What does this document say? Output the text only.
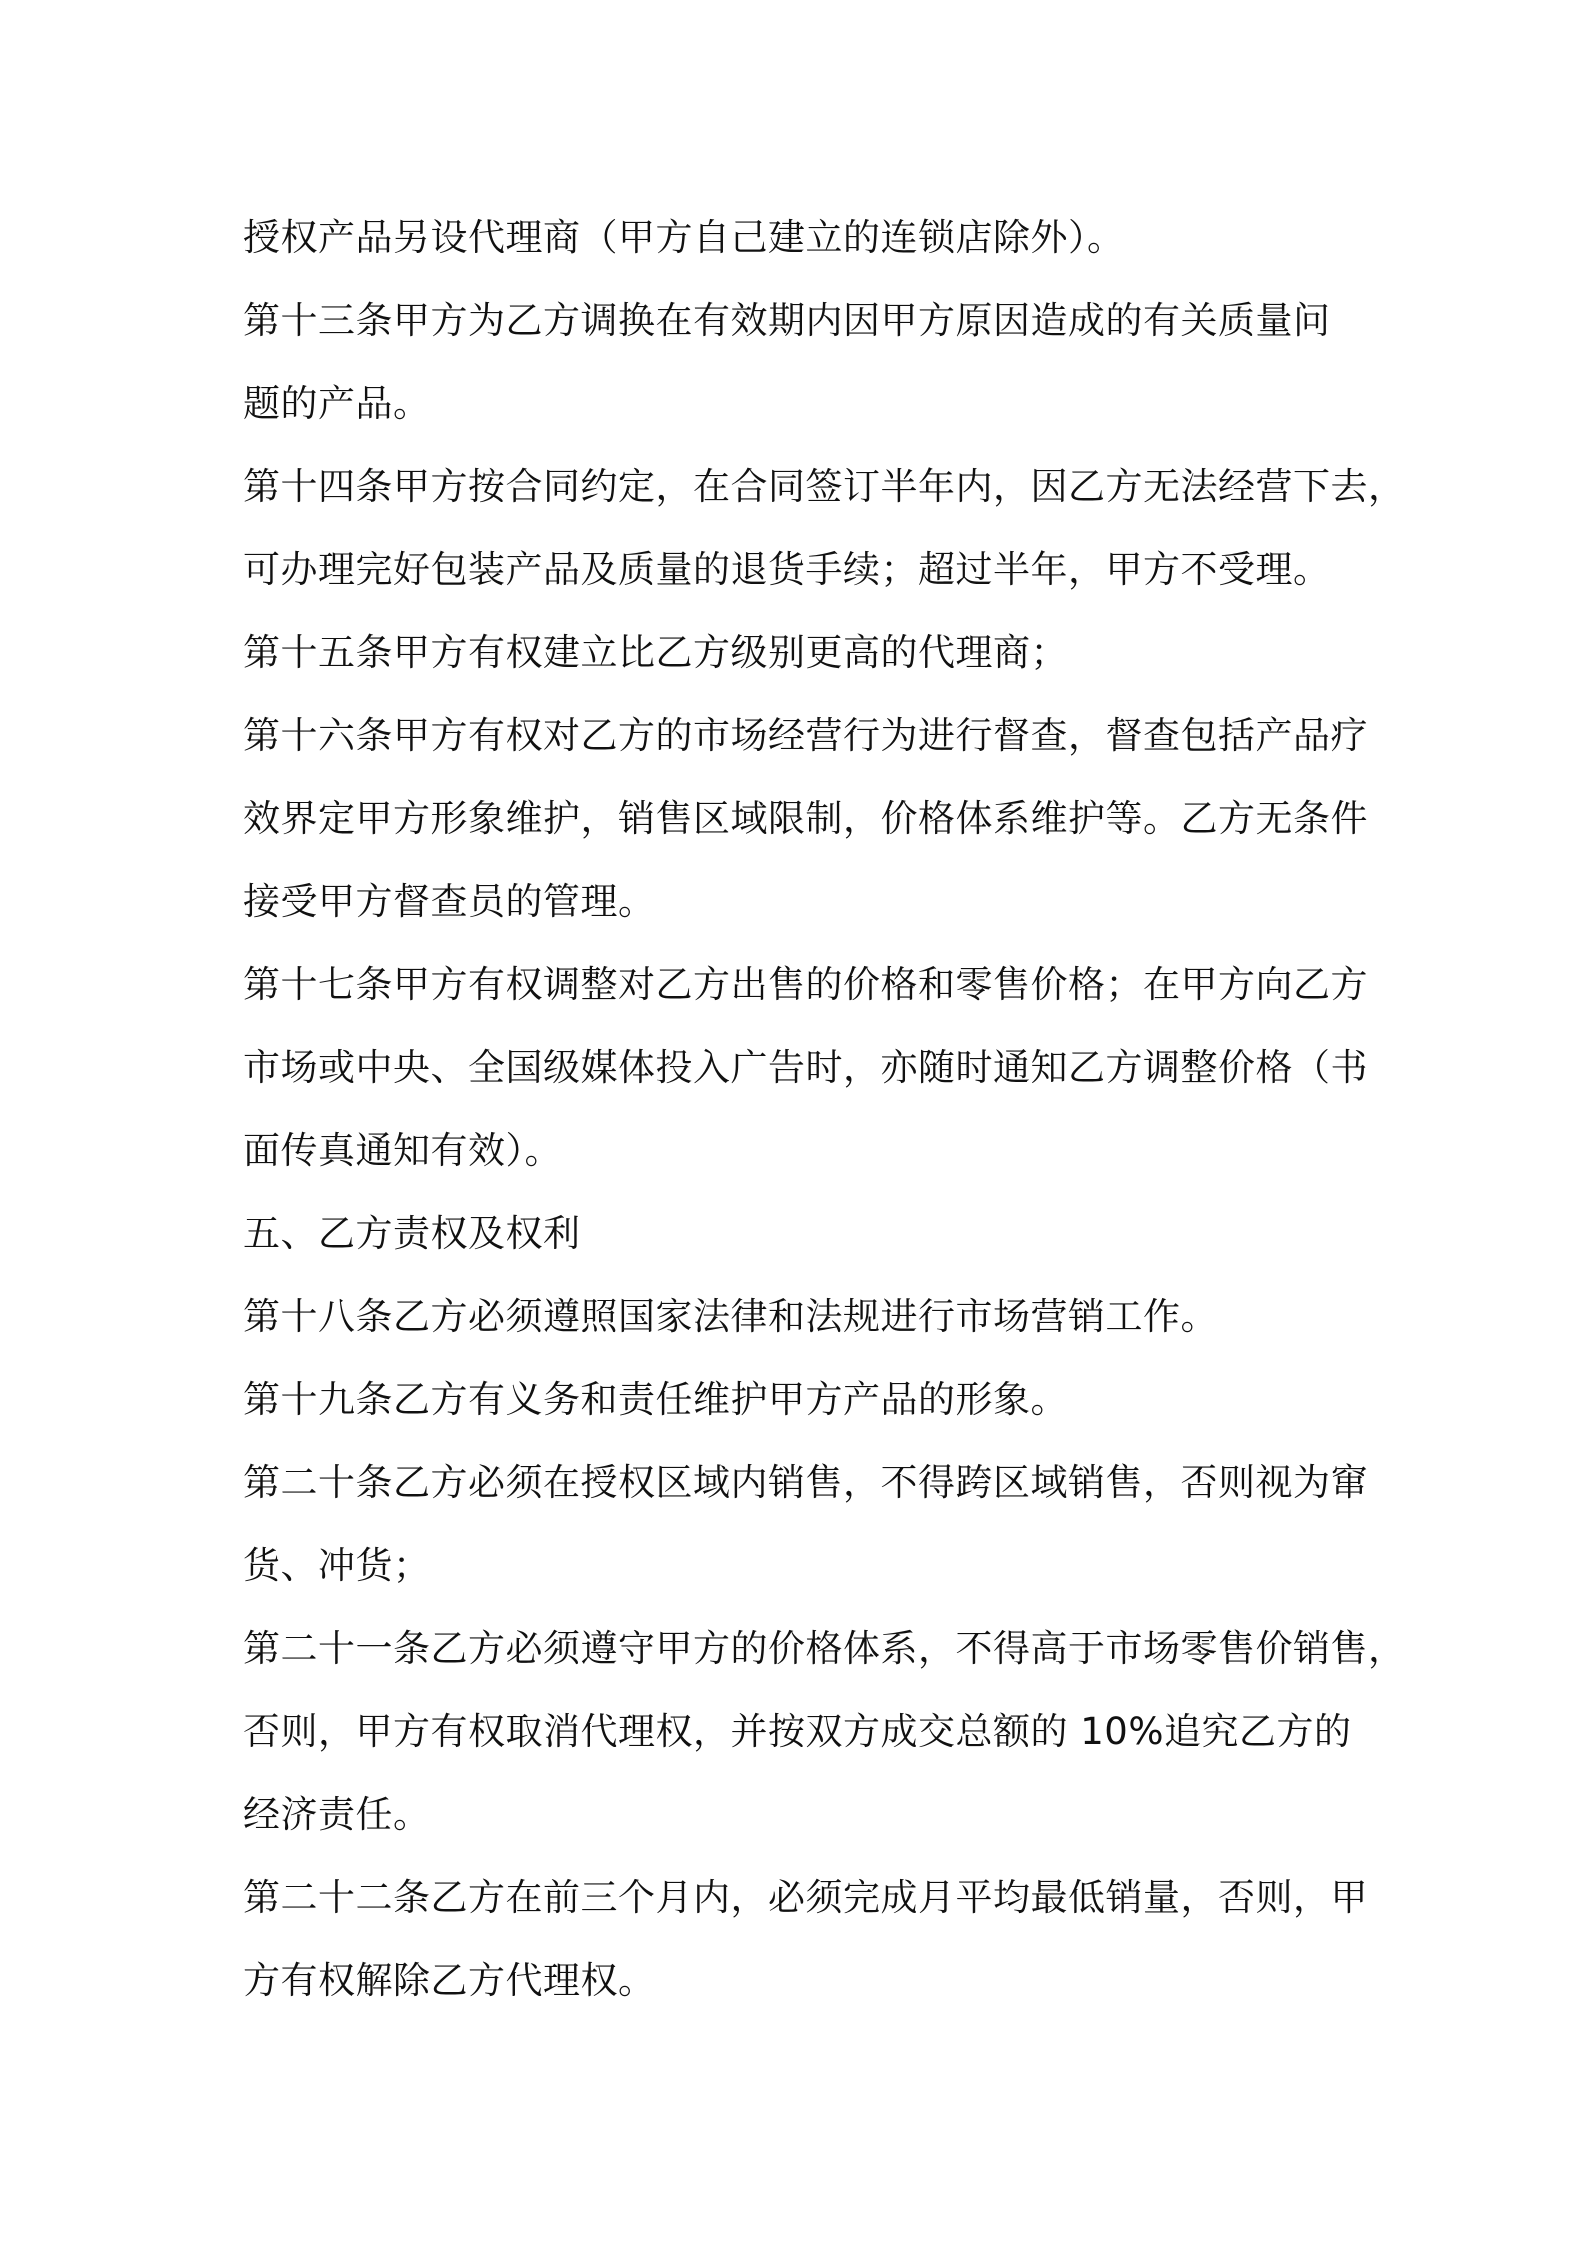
授权产品另设代理商（甲方自己建立的连锁店除外）。
第十三条甲方为乙方调换在有效期内因甲方原因造成的有关质量问
题的产品。
第十四条甲方按合同约定，在合同签订半年内，因乙方无法经营下去，
可办理完好包装产品及质量的退货手续；超过半年，甲方不受理。
第十五条甲方有权建立比乙方级别更高的代理商；
第十六条甲方有权对乙方的市场经营行为进行督查，督查包括产品疗
效界定甲方形象维护，销售区域限制，价格体系维护等。乙方无条件
接受甲方督查员的管理。
第十七条甲方有权调整对乙方出售的价格和零售价格；在甲方向乙方
市场或中央、全国级媒体投入广告时，亦随时通知乙方调整价格（书
面传真通知有效）。
五、乙方责权及权利
第十八条乙方必须遵照国家法律和法规进行市场营销工作。
第十九条乙方有义务和责任维护甲方产品的形象。
第二十条乙方必须在授权区域内销售，不得跨区域销售，否则视为窜
货、冲货；
第二十一条乙方必须遵守甲方的价格体系，不得高于市场零售价销售，
否则，甲方有权取消代理权，并按双方成交总额的 10%追究乙方的
经济责任。
第二十二条乙方在前三个月内，必须完成月平均最低销量，否则，甲
方有权解除乙方代理权。
